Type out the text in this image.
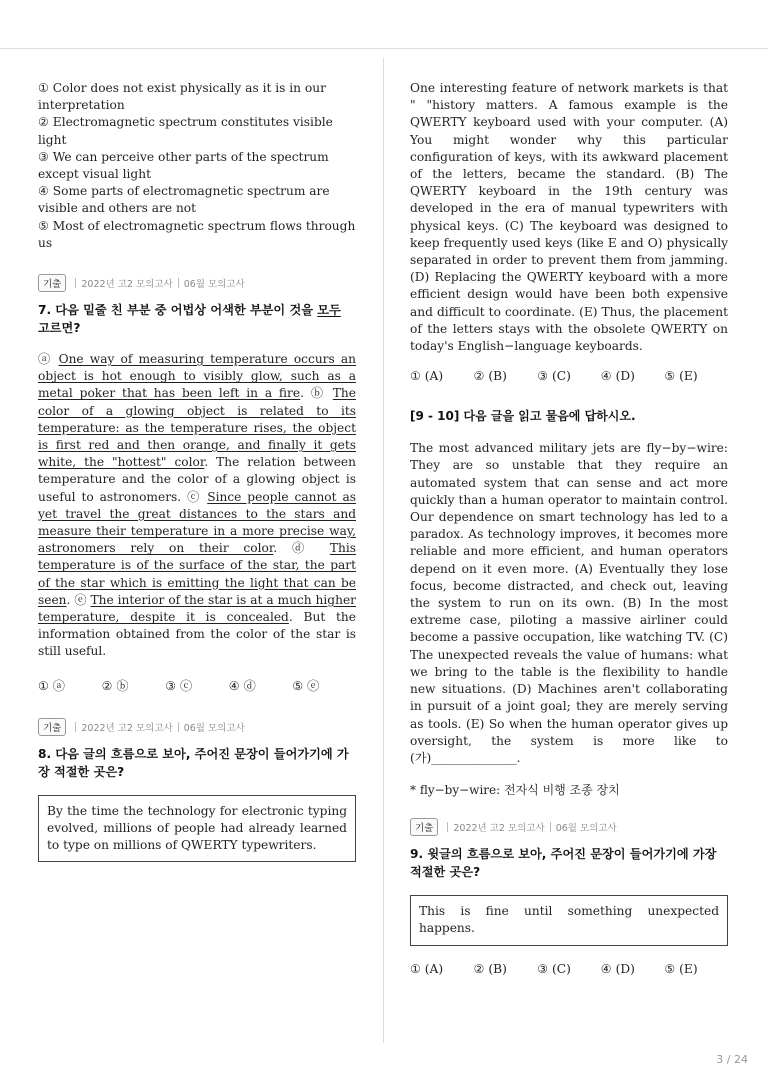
① Color does not exist physically as it is in our interpretation
② Electromagnetic spectrum constitutes visible light
③ We can perceive other parts of the spectrum except visual light
④ Some parts of electromagnetic spectrum are visible and others are not
⑤ Most of electromagnetic spectrum flows through us
기출	2022년 고2 모의고사 06월 모의고사
7. 다음 밑줄 친 부분 중 어법상 어색한 부분이 것을 모두 고르면?
ⓐ One way of measuring temperature occurs an object is hot enough to visibly glow, such as a metal poker that has been left in a fire. ⓑ The color of a glowing object is related to its temperature: as the temperature rises, the object is first red and then orange, and finally it gets white, the "hottest" color. The relation between temperature and the color of a glowing object is useful to astronomers. ⓒ Since people cannot as yet travel the great distances to the stars and measure their temperature in a more precise way, astronomers rely on their color. ⓓ This temperature is of the surface of the star, the part of the star which is emitting the light that can be seen. ⓔ The interior of the star is at a much higher temperature, despite it is concealed. But the information obtained from the color of the star is still useful.
① ⓐ	② ⓑ	③ ⓒ	④ ⓓ	⑤ ⓔ
기출	2022년 고2 모의고사 06월 모의고사
8. 다음 글의 흐름으로 보아, 주어진 문장이 들어가기에 가장 적절한 곳은?
By the time the technology for electronic typing evolved, millions of people had already learned to type on millions of QWERTY typewriters.
One interesting feature of network markets is that " "history matters. A famous example is the QWERTY keyboard used with your computer. (A) You might wonder why this particular configuration of keys, with its awkward placement of the letters, became the standard. (B) The QWERTY keyboard in the 19th century was developed in the era of manual typewriters with physical keys. (C) The keyboard was designed to keep frequently used keys (like E and O) physically separated in order to prevent them from jamming. (D) Replacing the QWERTY keyboard with a more efficient design would have been both expensive and difficult to coordinate. (E) Thus, the placement of the letters stays with the obsolete QWERTY on today's English−language keyboards.
① (A)	② (B)	③ (C)	④ (D)	⑤ (E)
[9 - 10] 다음 글을 읽고 물음에 답하시오.
The most advanced military jets are fly−by−wire: They are so unstable that they require an automated system that can sense and act more quickly than a human operator to maintain control. Our dependence on smart technology has led to a paradox. As technology improves, it becomes more reliable and more efficient, and human operators depend on it even more. (A) Eventually they lose focus, become distracted, and check out, leaving the system to run on its own. (B) In the most extreme case, piloting a massive airliner could become a passive occupation, like watching TV. (C) The unexpected reveals the value of humans: what we bring to the table is the flexibility to handle new situations. (D) Machines aren't collaborating in pursuit of a joint goal; they are merely serving as tools. (E) So when the human operator gives up oversight, the system is more like to (가)______________.
* fly−by−wire: 전자식 비행 조종 장치
기출	2022년 고2 모의고사 06월 모의고사
9. 윗글의 흐름으로 보아, 주어진 문장이 들어가기에 가장 적절한 곳은?
This is fine until something unexpected happens.
① (A)	② (B)	③ (C)	④ (D)	⑤ (E)
3 / 24
